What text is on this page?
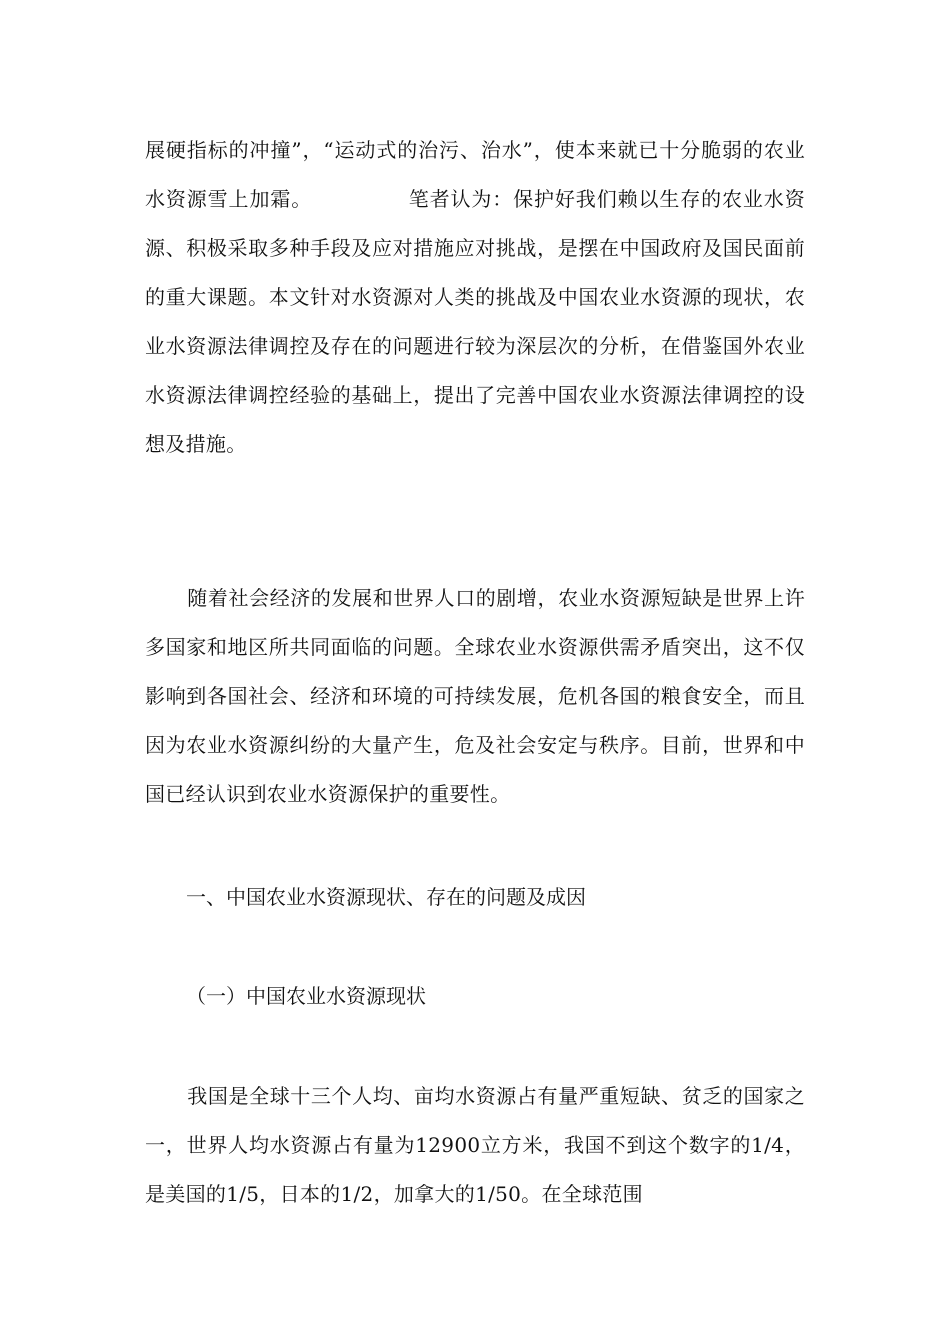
展硬指标的冲撞”，“运动式的治污、治水”，使本来就已十分脆弱的农业水资源雪上加霜。	笔者认为：保护好我们赖以生存的农业水资源、积极采取多种手段及应对措施应对挑战，是摆在中国政府及国民面前的重大课题。本文针对水资源对人类的挑战及中国农业水资源的现状，农业水资源法律调控及存在的问题进行较为深层次的分析，在借鉴国外农业水资源法律调控经验的基础上，提出了完善中国农业水资源法律调控的设想及措施。
随着社会经济的发展和世界人口的剧增，农业水资源短缺是世界上许多国家和地区所共同面临的问题。全球农业水资源供需矛盾突出，这不仅影响到各国社会、经济和环境的可持续发展，危机各国的粮食安全，而且因为农业水资源纠纷的大量产生，危及社会安定与秩序。目前，世界和中国已经认识到农业水资源保护的重要性。
一、中国农业水资源现状、存在的问题及成因
（一）中国农业水资源现状
我国是全球十三个人均、亩均水资源占有量严重短缺、贫乏的国家之一，世界人均水资源占有量为12900立方米，我国不到这个数字的1/4，是美国的1/5，日本的1/2，加拿大的1/50。在全球范围
